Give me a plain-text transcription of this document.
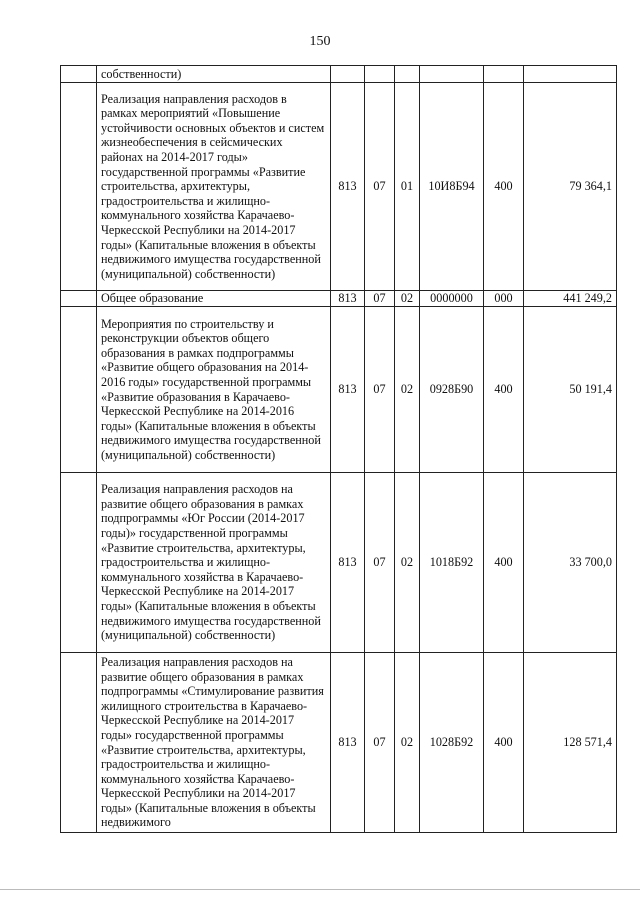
150
	собственности)						
	Реализация направления расходов в рамках мероприятий «Повышение устойчивости основных объектов и систем жизнеобеспечения в сейсмических районах на 2014-2017 годы» государственной программы «Развитие строительства, архитектуры, градостроительства и жилищно-коммунального хозяйства Карачаево-Черкесской Республики на 2014-2017 годы» (Капитальные вложения в объекты недвижимого имущества государственной (муниципальной) собственности)	813	07	01	10И8Б94	400	79 364,1
	Общее образование	813	07	02	0000000	000	441 249,2
	Мероприятия по строительству и реконструкции объектов общего образования в рамках подпрограммы «Развитие общего образования на 2014-2016 годы» государственной программы «Развитие образования в Карачаево-Черкесской Республике на 2014-2016 годы» (Капитальные вложения в объекты недвижимого имущества государственной (муниципальной) собственности)	813	07	02	0928Б90	400	50 191,4
	Реализация направления расходов на развитие общего образования в рамках подпрограммы «Юг России (2014-2017 годы)» государственной программы «Развитие строительства, архитектуры, градостроительства и жилищно-коммунального хозяйства в Карачаево-Черкесской Республике на 2014-2017 годы» (Капитальные вложения в объекты недвижимого имущества государственной (муниципальной) собственности)	813	07	02	1018Б92	400	33 700,0
	Реализация направления расходов на развитие общего образования в рамках подпрограммы «Стимулирование развития жилищного строительства в Карачаево-Черкесской Республике на 2014-2017 годы» государственной программы «Развитие строительства, архитектуры, градостроительства и жилищно-коммунального хозяйства Карачаево-Черкесской Республики на 2014-2017 годы» (Капитальные вложения в объекты недвижимого	813	07	02	1028Б92	400	128 571,4
